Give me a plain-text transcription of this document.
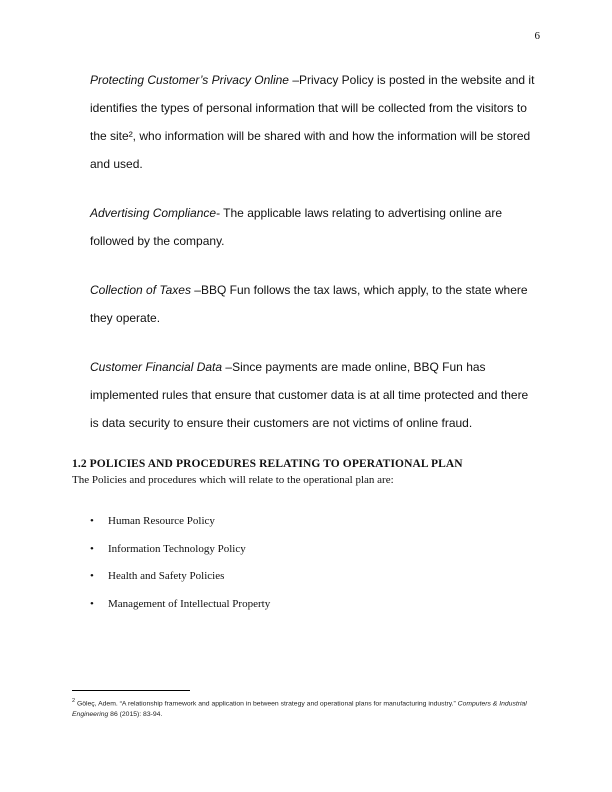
6

Protecting Customer’s Privacy Online –Privacy Policy is posted in the website and it identifies the types of personal information that will be collected from the visitors to the site², who information will be shared with and how the information will be stored and used.

Advertising Compliance- The applicable laws relating to advertising online are followed by the company.

Collection of Taxes –BBQ Fun follows the tax laws, which apply, to the state where they operate.

Customer Financial Data –Since payments are made online, BBQ Fun has implemented rules that ensure that customer data is at all time protected and there is data security to ensure their customers are not victims of online fraud.

1.2 POLICIES AND PROCEDURES RELATING TO OPERATIONAL PLAN

The Policies and procedures which will relate to the operational plan are:

•	Human Resource Policy
•	Information Technology Policy
•	Health and Safety Policies
•	Management of Intellectual Property

$^2$ Göleç, Adem. “A relationship framework and application in between strategy and operational plans for manufacturing industry.” Computers & Industrial Engineering 86 (2015): 83-94.
